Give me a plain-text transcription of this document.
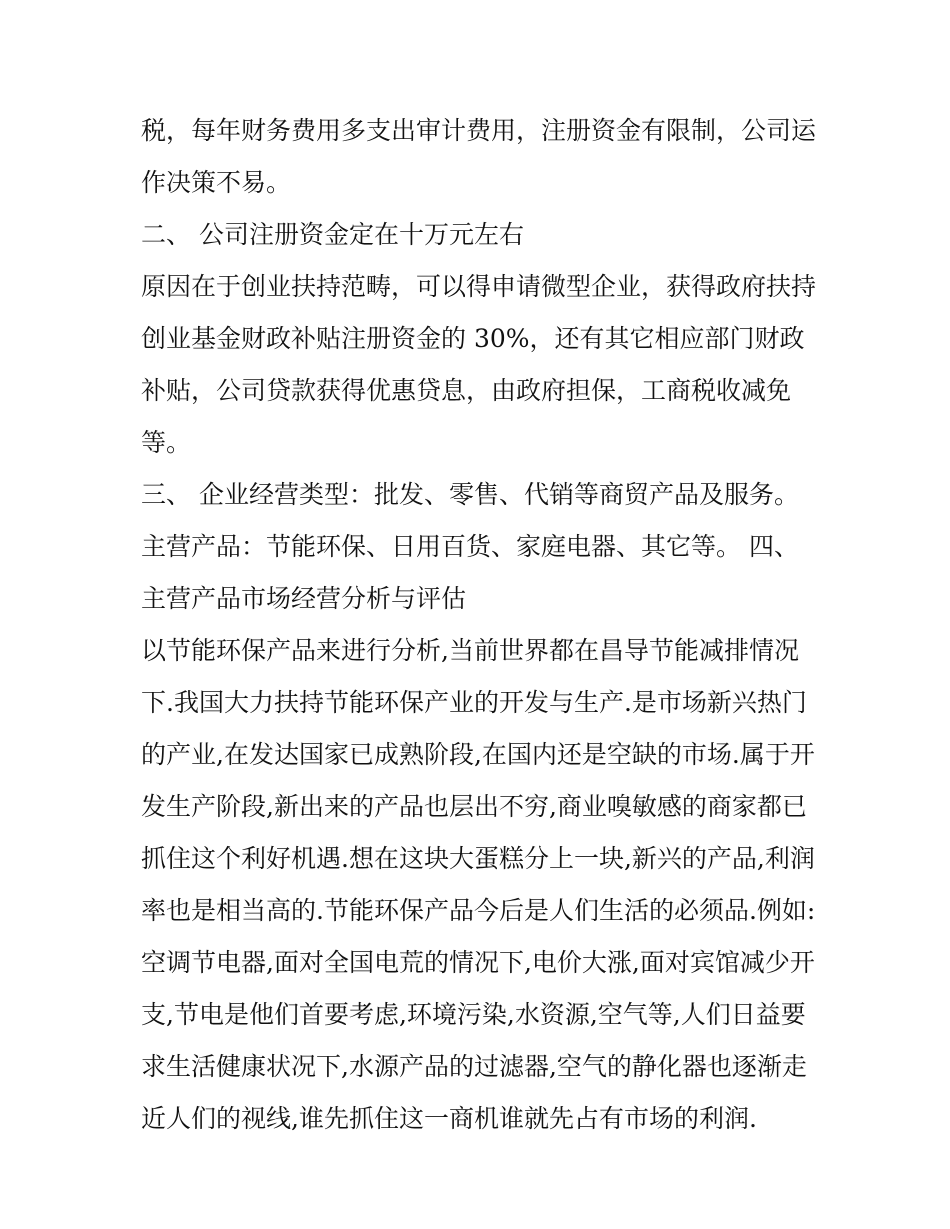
税，每年财务费用多支出审计费用，注册资金有限制，公司运
作决策不易。
二、 公司注册资金定在十万元左右
原因在于创业扶持范畴，可以得申请微型企业，获得政府扶持
创业基金财政补贴注册资金的 30%，还有其它相应部门财政
补贴，公司贷款获得优惠贷息，由政府担保，工商税收减免
等。
三、 企业经营类型：批发、零售、代销等商贸产品及服务。
主营产品：节能环保、日用百货、家庭电器、其它等。 四、
主营产品市场经营分析与评估
以节能环保产品来进行分析,当前世界都在昌导节能减排情况
下.我国大力扶持节能环保产业的开发与生产.是市场新兴热门
的产业,在发达国家已成熟阶段,在国内还是空缺的市场.属于开
发生产阶段,新出来的产品也层出不穷,商业嗅敏感的商家都已
抓住这个利好机遇.想在这块大蛋糕分上一块,新兴的产品,利润
率也是相当高的.节能环保产品今后是人们生活的必须品.例如:
空调节电器,面对全国电荒的情况下,电价大涨,面对宾馆减少开
支,节电是他们首要考虑,环境污染,水资源,空气等,人们日益要
求生活健康状况下,水源产品的过滤器,空气的静化器也逐渐走
近人们的视线,谁先抓住这一商机谁就先占有市场的利润.
